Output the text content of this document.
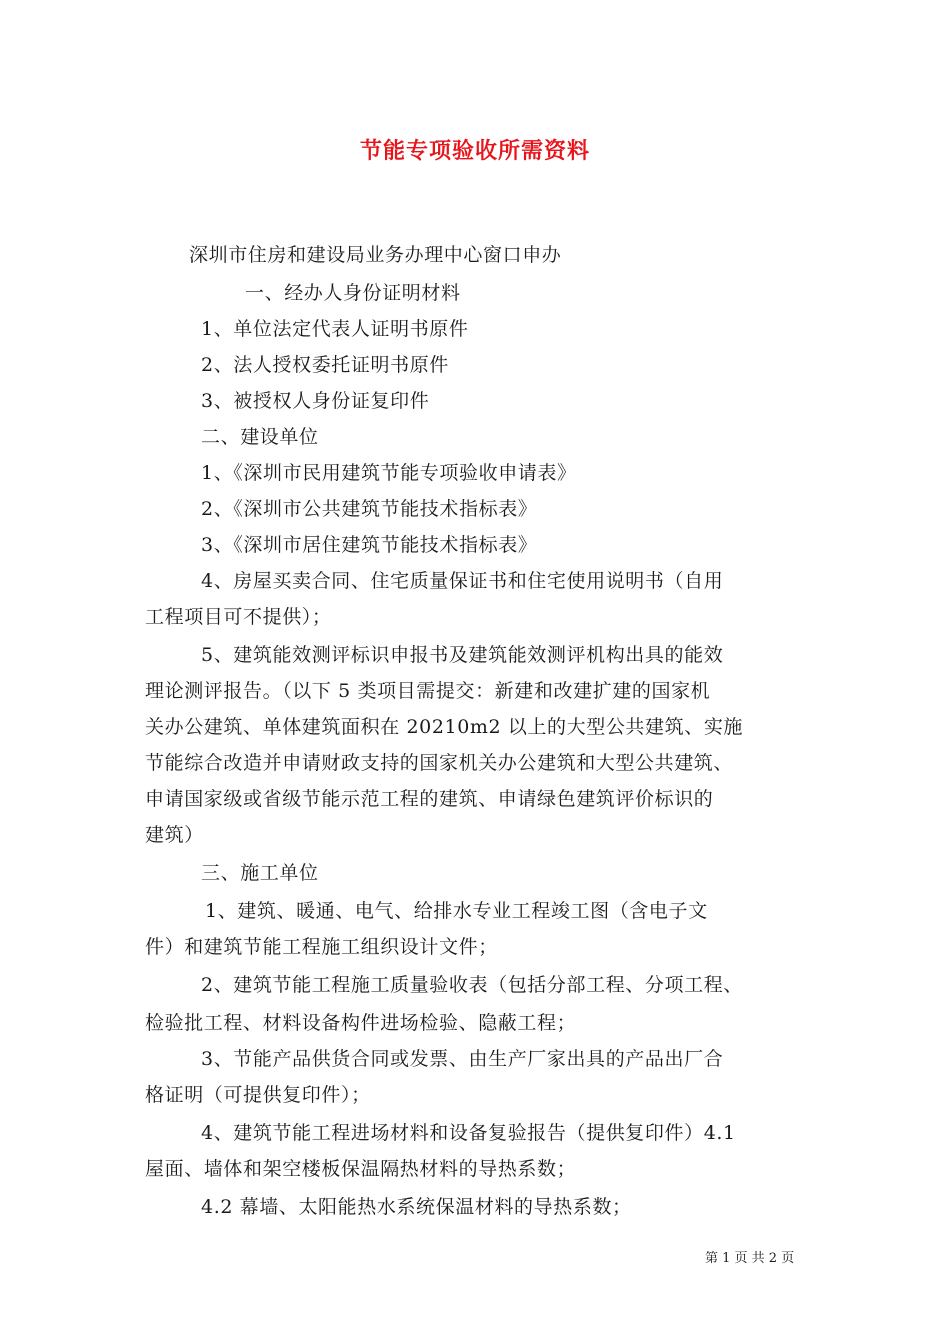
节能专项验收所需资料
深圳市住房和建设局业务办理中心窗口申办
一、经办人身份证明材料
1、单位法定代表人证明书原件
2、法人授权委托证明书原件
3、被授权人身份证复印件
二、建设单位
1、《深圳市民用建筑节能专项验收申请表》
2、《深圳市公共建筑节能技术指标表》
3、《深圳市居住建筑节能技术指标表》
4、房屋买卖合同、住宅质量保证书和住宅使用说明书（自用
工程项目可不提供）；
5、建筑能效测评标识申报书及建筑能效测评机构出具的能效
理论测评报告。（以下 5 类项目需提交：新建和改建扩建的国家机
关办公建筑、单体建筑面积在 20210m2 以上的大型公共建筑、实施
节能综合改造并申请财政支持的国家机关办公建筑和大型公共建筑、
申请国家级或省级节能示范工程的建筑、申请绿色建筑评价标识的
建筑）
三、施工单位
1、建筑、暖通、电气、给排水专业工程竣工图（含电子文
件）和建筑节能工程施工组织设计文件；
2、建筑节能工程施工质量验收表（包括分部工程、分项工程、
检验批工程、材料设备构件进场检验、隐蔽工程；
3、节能产品供货合同或发票、由生产厂家出具的产品出厂合
格证明（可提供复印件）；
4、建筑节能工程进场材料和设备复验报告（提供复印件）4.1
屋面、墙体和架空楼板保温隔热材料的导热系数；
4.2 幕墙、太阳能热水系统保温材料的导热系数；
第 1 页 共 2 页
